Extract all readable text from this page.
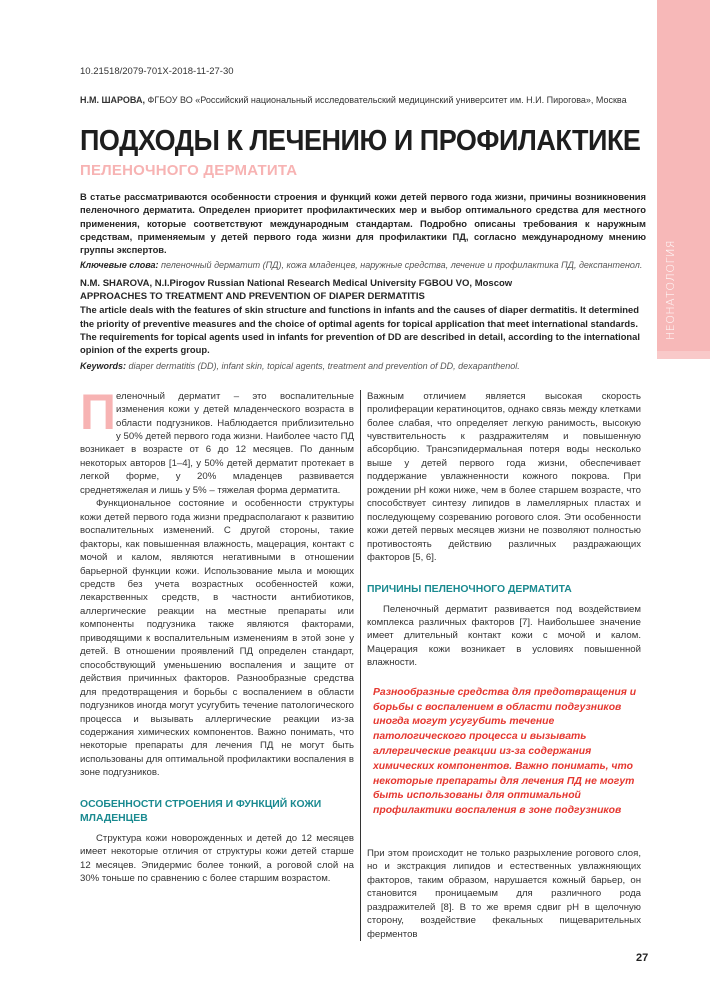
НЕОНАТОЛОГИЯ
10.21518/2079-701X-2018-11-27-30
Н.М. ШАРОВА, ФГБОУ ВО «Российский национальный исследовательский медицинский университет им. Н.И. Пирогова», Москва
ПОДХОДЫ К ЛЕЧЕНИЮ И ПРОФИЛАКТИКЕ
ПЕЛЕНОЧНОГО ДЕРМАТИТА
В статье рассматриваются особенности строения и функций кожи детей первого года жизни, причины возникновения пеленочного дерматита. Определен приоритет профилактических мер и выбор оптимального средства для местного применения, которые соответствуют международным стандартам. Подробно описаны требования к наружным средствам, применяемым у детей первого года жизни для профилактики ПД, согласно международному мнению группы экспертов.
Ключевые слова: пеленочный дерматит (ПД), кожа младенцев, наружные средства, лечение и профилактика ПД, декспантенол.
N.M. SHAROVA, N.I.Pirogov Russian National Research Medical University FGBOU VO, Moscow
APPROACHES TO TREATMENT AND PREVENTION OF DIAPER DERMATITIS
The article deals with the features of skin structure and functions in infants and the causes of diaper dermatitis. It determined the priority of preventive measures and the choice of optimal agents for topical application that meet international standards. The requirements for topical agents used in infants for prevention of DD are described in detail, according to the international opinion of the experts group.
Keywords: diaper dermatitis (DD), infant skin, topical agents, treatment and prevention of DD, dexapanthenol.

Пеленочный дерматит – это воспалительные изменения кожи у детей младенческого возраста в области подгузников. Наблюдается приблизительно у 50% детей первого года жизни. Наиболее часто ПД возникает в возрасте от 6 до 12 месяцев. По данным некоторых авторов [1–4], у 50% детей дерматит протекает в легкой форме, у 20% младенцев развивается среднетяжелая и лишь у 5% – тяжелая форма дерматита.

Функциональное состояние и особенности структуры кожи детей первого года жизни предрасполагают к развитию воспалительных изменений. С другой стороны, такие факторы, как повышенная влажность, мацерация, контакт с мочой и калом, являются негативными в отношении барьерной функции кожи. Использование мыла и моющих средств без учета возрастных особенностей кожи, лекарственных средств, в частности антибиотиков, аллергические реакции на местные препараты или компоненты подгузника также являются факторами, приводящими к воспалительным изменениям в этой зоне у детей. В отношении проявлений ПД определен стандарт, способствующий уменьшению воспаления и защите от действия причинных факторов. Разнообразные средства для предотвращения и борьбы с воспалением в области подгузников иногда могут усугубить течение патологического процесса и вызывать аллергические реакции из-за содержания химических компонентов. Важно понимать, что некоторые препараты для лечения ПД не могут быть использованы для оптимальной профилактики воспаления в зоне подгузников.

ОСОБЕННОСТИ СТРОЕНИЯ И ФУНКЦИЙ КОЖИ МЛАДЕНЦЕВ

Структура кожи новорожденных и детей до 12 месяцев имеет некоторые отличия от структуры кожи детей старше 12 месяцев. Эпидермис более тонкий, а роговой слой на 30% тоньше по сравнению с более старшим возрастом.

Важным отличием является высокая скорость пролиферации кератиноцитов, однако связь между клетками более слабая, что определяет легкую ранимость, высокую чувствительность к раздражителям и повышенную абсорбцию. Трансэпидермальная потеря воды несколько выше у детей первого года жизни, обеспечивает поддержание увлажненности кожного покрова. При рождении pH кожи ниже, чем в более старшем возрасте, что способствует синтезу липидов в ламеллярных пластах и последующему созреванию рогового слоя. Эти особенности кожи детей первых месяцев жизни не позволяют полностью противостоять действию различных раздражающих факторов [5, 6].

ПРИЧИНЫ ПЕЛЕНОЧНОГО ДЕРМАТИТА

Пеленочный дерматит развивается под воздействием комплекса различных факторов [7]. Наибольшее значение имеет длительный контакт кожи с мочой и калом. Мацерация кожи возникает в условиях повышенной влажности.

Разнообразные средства для предотвращения и борьбы с воспалением в области подгузников иногда могут усугубить течение патологического процесса и вызывать аллергические реакции из-за содержания химических компонентов. Важно понимать, что некоторые препараты для лечения ПД не могут быть использованы для оптимальной профилактики воспаления в зоне подгузников

При этом происходит не только разрыхление рогового слоя, но и экстракция липидов и естественных увлажняющих факторов, таким образом, нарушается кожный барьер, он становится проницаемым для различного рода раздражителей [8]. В то же время сдвиг pH в щелочную сторону, воздействие фекальных пищеварительных ферментов

27
